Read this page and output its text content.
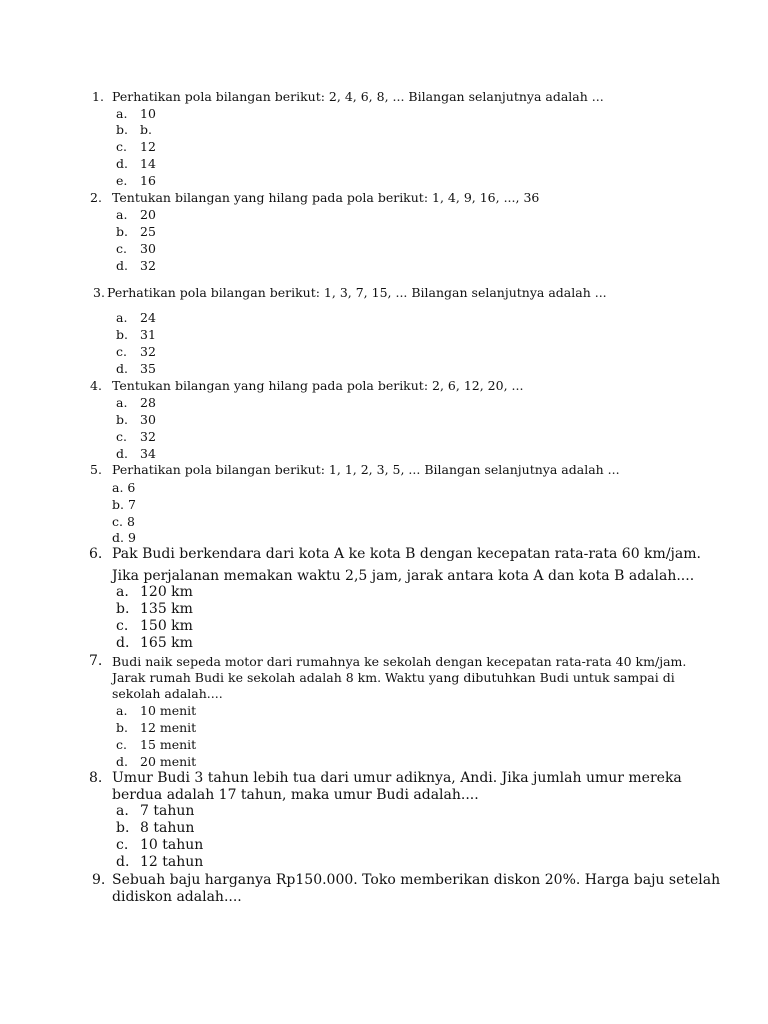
1. Perhatikan pola bilangan berikut: 2, 4, 6, 8, ... Bilangan selanjutnya adalah ...
a. 10
b. b.
c. 12
d. 14
e. 16
2. Tentukan bilangan yang hilang pada pola berikut: 1, 4, 9, 16, ..., 36
a. 20
b. 25
c. 30
d. 32
3. Perhatikan pola bilangan berikut: 1, 3, 7, 15, ... Bilangan selanjutnya adalah ...
a. 24
b. 31
c. 32
d. 35
4. Tentukan bilangan yang hilang pada pola berikut: 2, 6, 12, 20, ...
a. 28
b. 30
c. 32
d. 34
5. Perhatikan pola bilangan berikut: 1, 1, 2, 3, 5, ... Bilangan selanjutnya adalah ...
a. 6
b. 7
c. 8
d. 9
6. Pak Budi berkendara dari kota A ke kota B dengan kecepatan rata-rata 60 km/jam.
Jika perjalanan memakan waktu 2,5 jam, jarak antara kota A dan kota B adalah....
a. 120 km
b. 135 km
c. 150 km
d. 165 km
7. Budi naik sepeda motor dari rumahnya ke sekolah dengan kecepatan rata-rata 40 km/jam.
Jarak rumah Budi ke sekolah adalah 8 km. Waktu yang dibutuhkan Budi untuk sampai di
sekolah adalah....
a. 10 menit
b. 12 menit
c. 15 menit
d. 20 menit
8. Umur Budi 3 tahun lebih tua dari umur adiknya, Andi. Jika jumlah umur mereka
berdua adalah 17 tahun, maka umur Budi adalah....
a. 7 tahun
b. 8 tahun
c. 10 tahun
d. 12 tahun
9. Sebuah baju harganya Rp150.000. Toko memberikan diskon 20%. Harga baju setelah
didiskon adalah....
